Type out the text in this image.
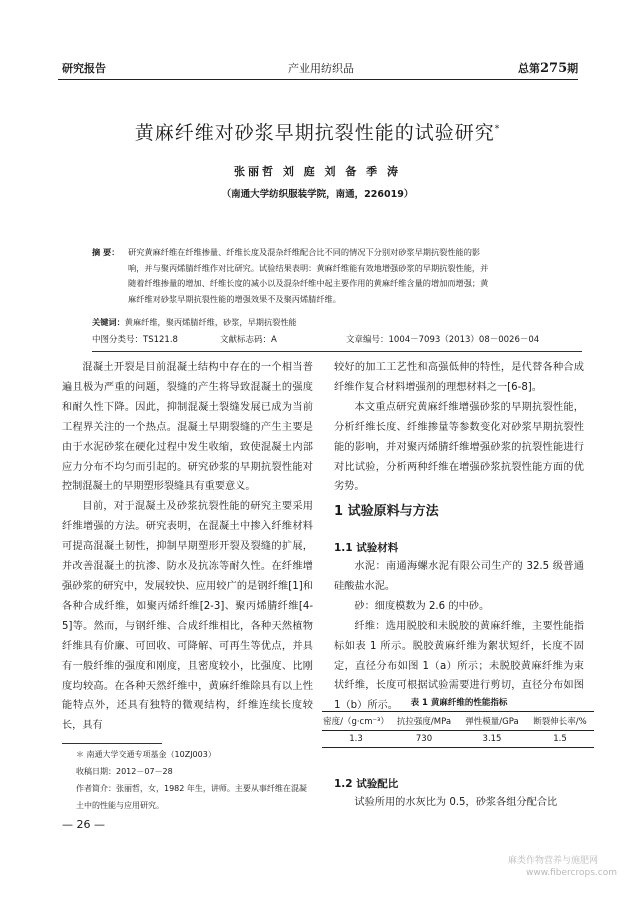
研究报告	产业用纺织品	总第275期
黄麻纤维对砂浆早期抗裂性能的试验研究*
张丽哲 刘 庭 刘 备 季 涛
（南通大学纺织服装学院，南通，226019）
摘 要： 研究黄麻纤维在纤维掺量、纤维长度及混杂纤维配合比不同的情况下分别对砂浆早期抗裂性能的影
响，并与聚丙烯腈纤维作对比研究。试验结果表明：黄麻纤维能有效地增强砂浆的早期抗裂性能，并
随着纤维掺量的增加、纤维长度的减小以及混杂纤维中起主要作用的黄麻纤维含量的增加而增强；黄
麻纤维对砂浆早期抗裂性能的增强效果不及聚丙烯腈纤维。
关键词：黄麻纤维，聚丙烯腈纤维，砂浆，早期抗裂性能
中图分类号：TS121.8	文献标志码：A	文章编号：1004－7093（2013）08－0026－04

混凝土开裂是目前混凝土结构中存在的一个相当普遍且极为严重的问题，裂缝的产生将导致混凝土的强度和耐久性下降。因此，抑制混凝土裂缝发展已成为当前工程界关注的一个热点。混凝土早期裂缝的产生主要是由于水泥砂浆在硬化过程中发生收缩，致使混凝土内部应力分布不均匀而引起的。研究砂浆的早期抗裂性能对控制混凝土的早期塑形裂缝具有重要意义。

目前，对于混凝土及砂浆抗裂性能的研究主要采用纤维增强的方法。研究表明，在混凝土中掺入纤维材料可提高混凝土韧性，抑制早期塑形开裂及裂缝的扩展，并改善混凝土的抗渗、防水及抗冻等耐久性。在纤维增强砂浆的研究中，发展较快、应用较广的是钢纤维[1]和各种合成纤维，如聚丙烯纤维[2-3]、聚丙烯腈纤维[4-5]等。然而，与钢纤维、合成纤维相比，各种天然植物纤维具有价廉、可回收、可降解、可再生等优点，并具有一般纤维的强度和刚度，且密度较小，比强度、比刚度均较高。在各种天然纤维中，黄麻纤维除具有以上性能特点外，还具有独特的微观结构，纤维连续长度较长，具有

＊ 南通大学交通专项基金（10ZJ003）
收稿日期：2012－07－28
作者简介：张丽哲，女，1982 年生，讲师。主要从事纤维在混凝土中的性能与应用研究。
— 26 —

较好的加工工艺性和高强低伸的特性，是代替各种合成纤维作复合材料增强剂的理想材料之一[6-8]。

本文重点研究黄麻纤维增强砂浆的早期抗裂性能，分析纤维长度、纤维掺量等参数变化对砂浆早期抗裂性能的影响，并对聚丙烯腈纤维增强砂浆的抗裂性能进行对比试验，分析两种纤维在增强砂浆抗裂性能方面的优劣势。

1 试验原料与方法
1.1 试验材料

水泥：南通海螺水泥有限公司生产的 32.5 级普通硅酸盐水泥。

砂：细度模数为 2.6 的中砂。

纤维：选用脱胶和未脱胶的黄麻纤维，主要性能指标如表 1 所示。脱胶黄麻纤维为絮状短纤，长度不固定，直径分布如图 1（a）所示；未脱胶黄麻纤维为束状纤维，长度可根据试验需要进行剪切，直径分布如图 1（b）所示。	表 1 黄麻纤维的性能指标
密度/（g·cm⁻³）	抗拉强度/MPa	弹性模量/GPa	断裂伸长率/%
1.3	730	3.15	1.5
1.2 试验配比

试验所用的水灰比为 0.5，砂浆各组分配合比

麻类作物营养与施肥网
www.fibercrops.com
